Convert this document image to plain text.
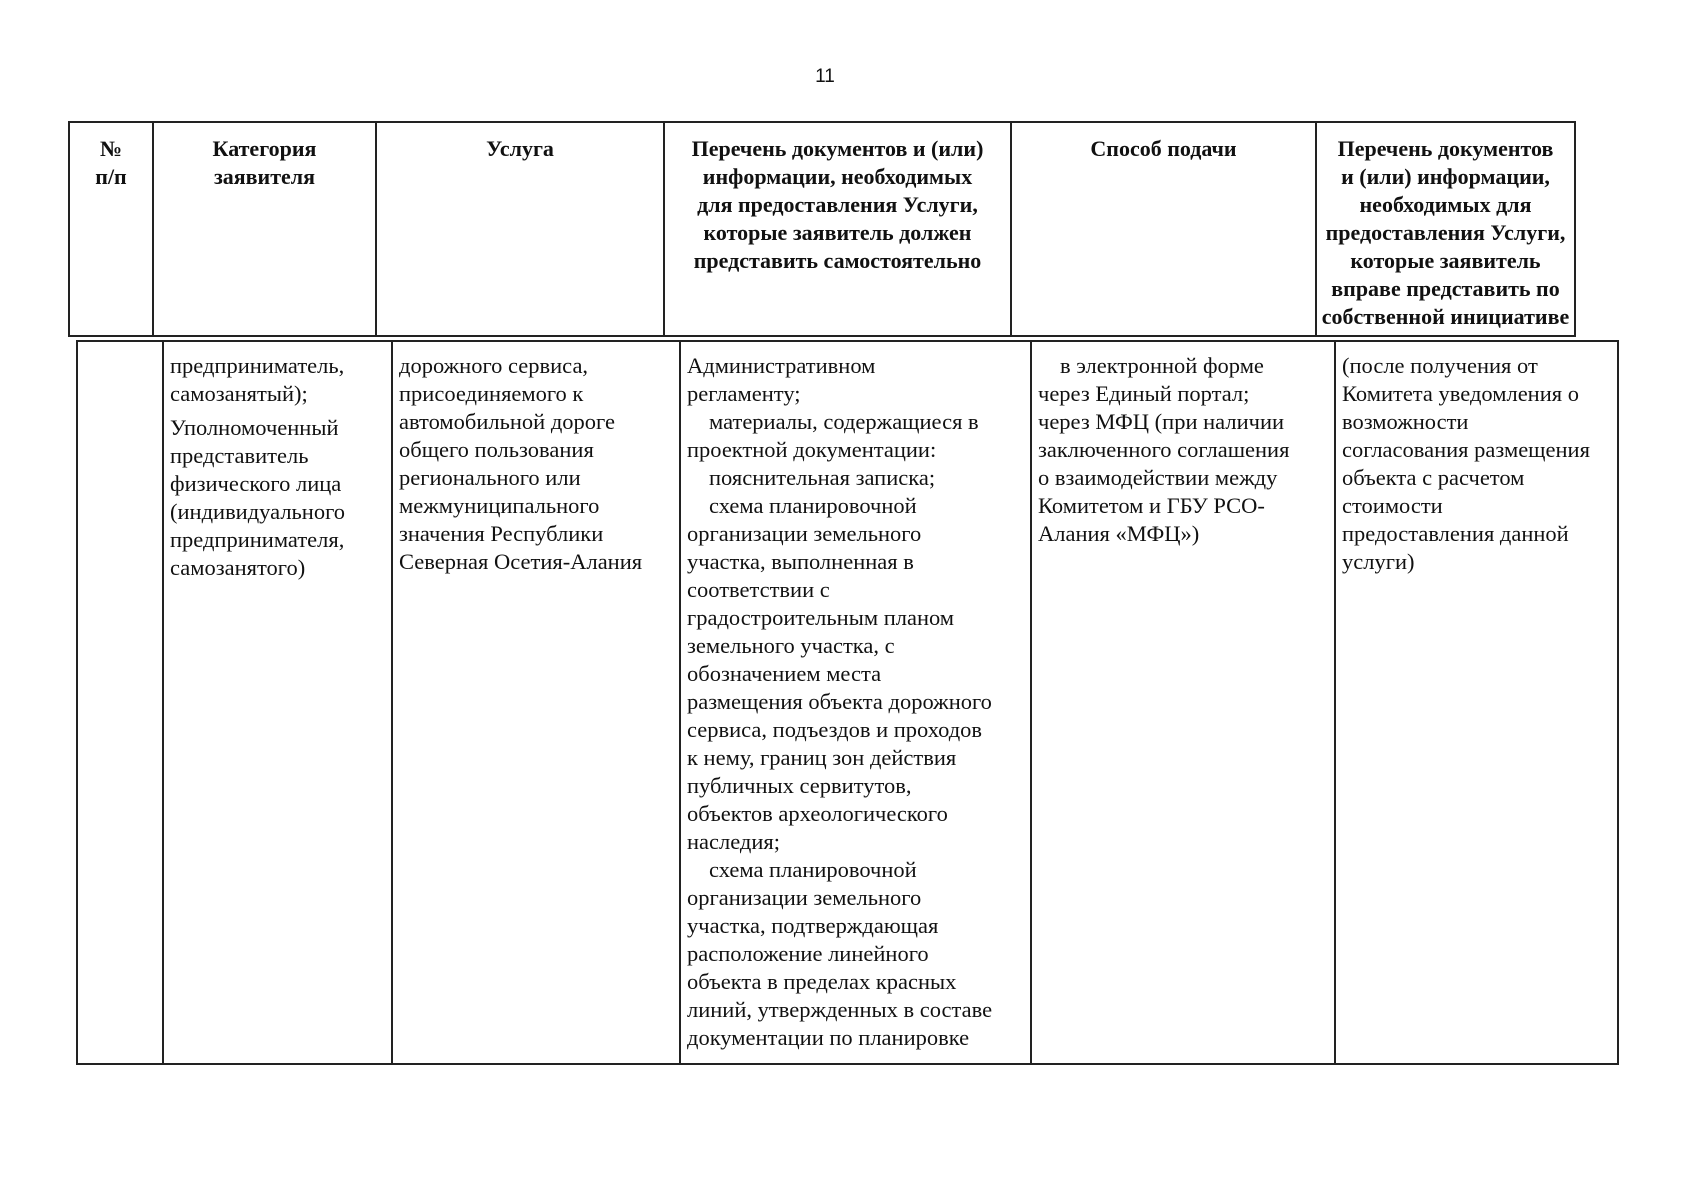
11
№
п/п
Категория
заявителя
Услуга	Перечень документов и (или)
информации, необходимых
для предоставления Услуги,
которые заявитель должен
представить самостоятельно
Способ подачи	Перечень документов
и (или) информации,
необходимых для
предоставления Услуги,
которые заявитель
вправе представить по
собственной инициативе
предприниматель,
самозанятый);
Уполномоченный
представитель
физического лица
(индивидуального
предпринимателя,
самозанятого)
дорожного сервиса,
присоединяемого к
автомобильной дороге
общего пользования
регионального или
межмуниципального
значения Республики
Северная Осетия-Алания
Административном
регламенту;
материалы, содержащиеся в
проектной документации:
пояснительная записка;
схема планировочной
организации земельного
участка, выполненная в
соответствии с
градостроительным планом
земельного участка, с
обозначением места
размещения объекта дорожного
сервиса, подъездов и проходов
к нему, границ зон действия
публичных сервитутов,
объектов археологического
наследия;
схема планировочной
организации земельного
участка, подтверждающая
расположение линейного
объекта в пределах красных
линий, утвержденных в составе
документации по планировке
в электронной форме
через Единый портал;
через МФЦ (при наличии
заключенного соглашения
о взаимодействии между
Комитетом и ГБУ РСО-
Алания «МФЦ»)
(после получения от
Комитета уведомления о
возможности
согласования размещения
объекта с расчетом
стоимости
предоставления данной
услуги)
